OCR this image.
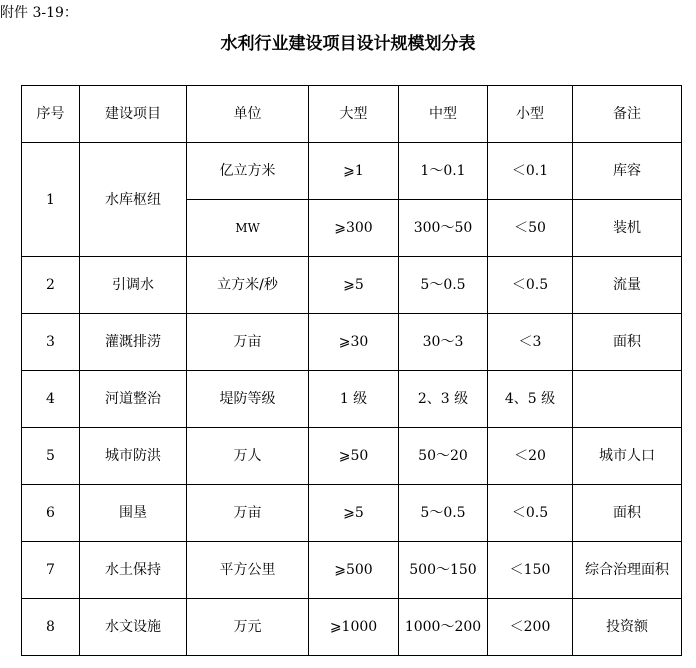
附件 3-19：
水利行业建设项目设计规模划分表
序号	建设项目	单位	大型	中型	小型	备注
1	水库枢纽	亿立方米	⩾1	1～0.1	＜0.1	库容
		MW	⩾300	300～50	＜50	装机
2	引调水	立方米/秒	⩾5	5～0.5	＜0.5	流量
3	灌溉排涝	万亩	⩾30	30～3	＜3	面积
4	河道整治	堤防等级	1 级	2、3 级	4、5 级	
5	城市防洪	万人	⩾50	50～20	＜20	城市人口
6	围垦	万亩	⩾5	5～0.5	＜0.5	面积
7	水土保持	平方公里	⩾500	500～150	＜150	综合治理面积
8	水文设施	万元	⩾1000	1000～200	＜200	投资额
